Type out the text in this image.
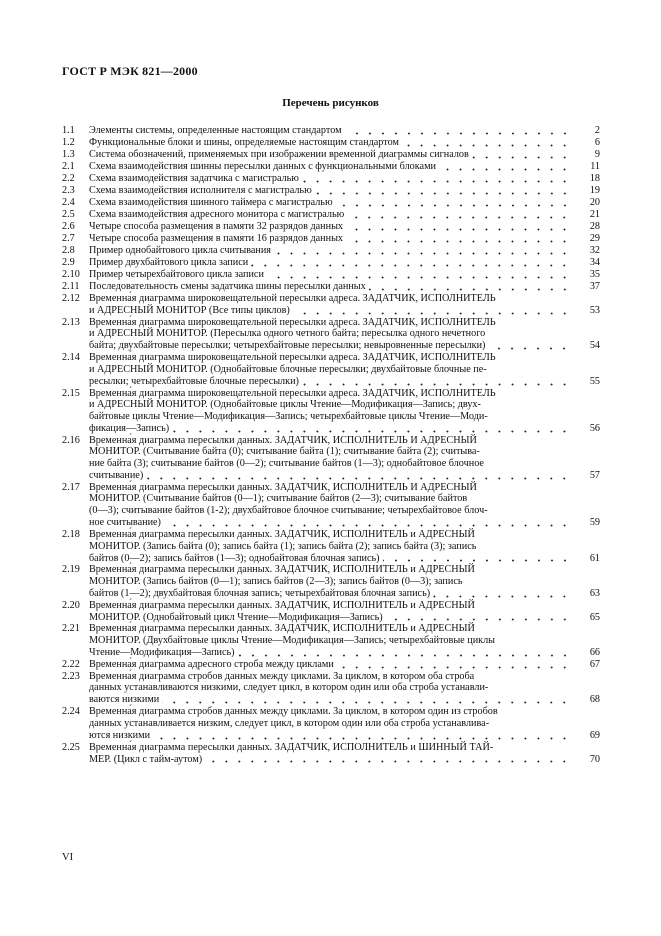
ГОСТ Р МЭК 821—2000
Перечень рисунков
1.1	Элементы системы, определенные настоящим стандартом	2
1.2	Функциональные блоки и шины, определяемые настоящим стандартом	6
1.3	Система обозначений, применяемых при изображении временной диаграммы сигналов	9
2.1	Схема взаимодействия шинны пересылки данных с функциональными блоками	11
2.2	Схема взаимодействия задатчика с магистралью	18
2.3	Схема взаимодействия исполнителя с магистралью	19
2.4	Схема взаимодействия шинного таймера с магистралью	20
2.5	Схема взаимодействия адресного монитора с магистралью	21
2.6	Четыре способа размещения в памяти 32 разрядов данных	28
2.7	Четыре способа размещения в памяти 16 разрядов данных	29
2.8	Пример однобайтового цикла считывания	32
2.9	Пример двухбайтового цикла записи	34
2.10 Пример четырехбайтового цикла записи	35
2.11 Последовательность смены задатчика шины пересылки данных	37
2.12 Временна́я диаграмма широковещательной пересылки адреса. ЗАДАТЧИК, ИСПОЛНИТЕЛЬ
и АДРЕСНЫЙ МОНИТОР (Все типы циклов)	53
2.13 Временна́я диаграмма широковещательной пересылки адреса. ЗАДАТЧИК, ИСПОЛНИТЕЛЬ
и АДРЕСНЫЙ МОНИТОР. (Пересылка одного четного байта; пересылка одного нечетного
байта; двухбайтовые пересылки; четырехбайтовые пересылки; невыровненные пересылки)	54
2.14 Временна́я диаграмма широковещательной пересылки адреса. ЗАДАТЧИК, ИСПОЛНИТЕЛЬ
и АДРЕСНЫЙ МОНИТОР. (Однобайтовые блочные пересылки; двухбайтовые блочные пе-
ресылки; четырехбайтовые блочные пересылки)	55
2.15 Временна́я диаграмма широковещательной пересылки адреса. ЗАДАТЧИК, ИСПОЛНИТЕЛЬ
и АДРЕСНЫЙ МОНИТОР. (Однобайтовые циклы Чтение—Модификация—Запись; двух-
байтовые циклы Чтение—Модификация—Запись; четырехбайтовые циклы Чтение—Моди-
фикация—Запись)	56
2.16 Временна́я диаграмма пересылки данных. ЗАДАТЧИК, ИСПОЛНИТЕЛЬ И АДРЕСНЫЙ
МОНИТОР. (Считывание байта (0); считывание байта (1); считывание байта (2); считыва-
ние байта (3); считывание байтов (0—2); считывание байтов (1—3); однобайтовое блочное
считывание)	57
2.17 Временна́я диаграмма пересылки данных. ЗАДАТЧИК, ИСПОЛНИТЕЛЬ И АДРЕСНЫЙ
МОНИТОР. (Считывание байтов (0—1); считывание байтов (2—3); считывание байтов
(0—3); считывание байтов (1-2); двухбайтовое блочное считывание; четырехбайтовое блоч-
ное считывание)	59
2.18 Временна́я диаграмма пересылки данных. ЗАДАТЧИК, ИСПОЛНИТЕЛЬ и АДРЕСНЫЙ
МОНИТОР. (Запись байта (0); запись байта (1); запись байта (2); запись байта (3); запись
байтов (0—2); запись байтов (1—3); однобайтовая блочная запись)	61
2.19 Временна́я диаграмма пересылки данных. ЗАДАТЧИК, ИСПОЛНИТЕЛЬ и АДРЕСНЫЙ
МОНИТОР. (Запись байтов (0—1); запись байтов (2—3); запись байтов (0—3); запись
байтов (1—2); двухбайтовая блочная запись; четырехбайтовая блочная запись)	63
2.20 Временна́я диаграмма пересылки данных. ЗАДАТЧИК, ИСПОЛНИТЕЛЬ и АДРЕСНЫЙ
МОНИТОР. (Однобайтовый цикл Чтение—Модификация—Запись)	65
2.21 Временна́я диаграмма пересылки данных. ЗАДАТЧИК, ИСПОЛНИТЕЛЬ и АДРЕСНЫЙ
МОНИТОР. (Двухбайтовые циклы Чтение—Модификация—Запись; четырехбайтовые циклы
Чтение—Модификация—Запись)	66
2.22 Временна́я диаграмма адресного строба между циклами	67
2.23 Временна́я диаграмма стробов данных между циклами. За циклом, в котором оба строба
данных устанавливаются низкими, следует цикл, в котором один или оба строба устанавли-
ваются низкими	68
2.24 Временна́я диаграмма стробов данных между циклами. За циклом, в котором один из стробов
данных устанавливается низким, следует цикл, в котором один или оба строба устанавлива-
ются низкими	69
2.25 Временна́я диаграмма пересылки данных. ЗАДАТЧИК, ИСПОЛНИТЕЛЬ и ШИННЫЙ ТАЙ-
МЕР. (Цикл с тайм-аутом)	70
VI
